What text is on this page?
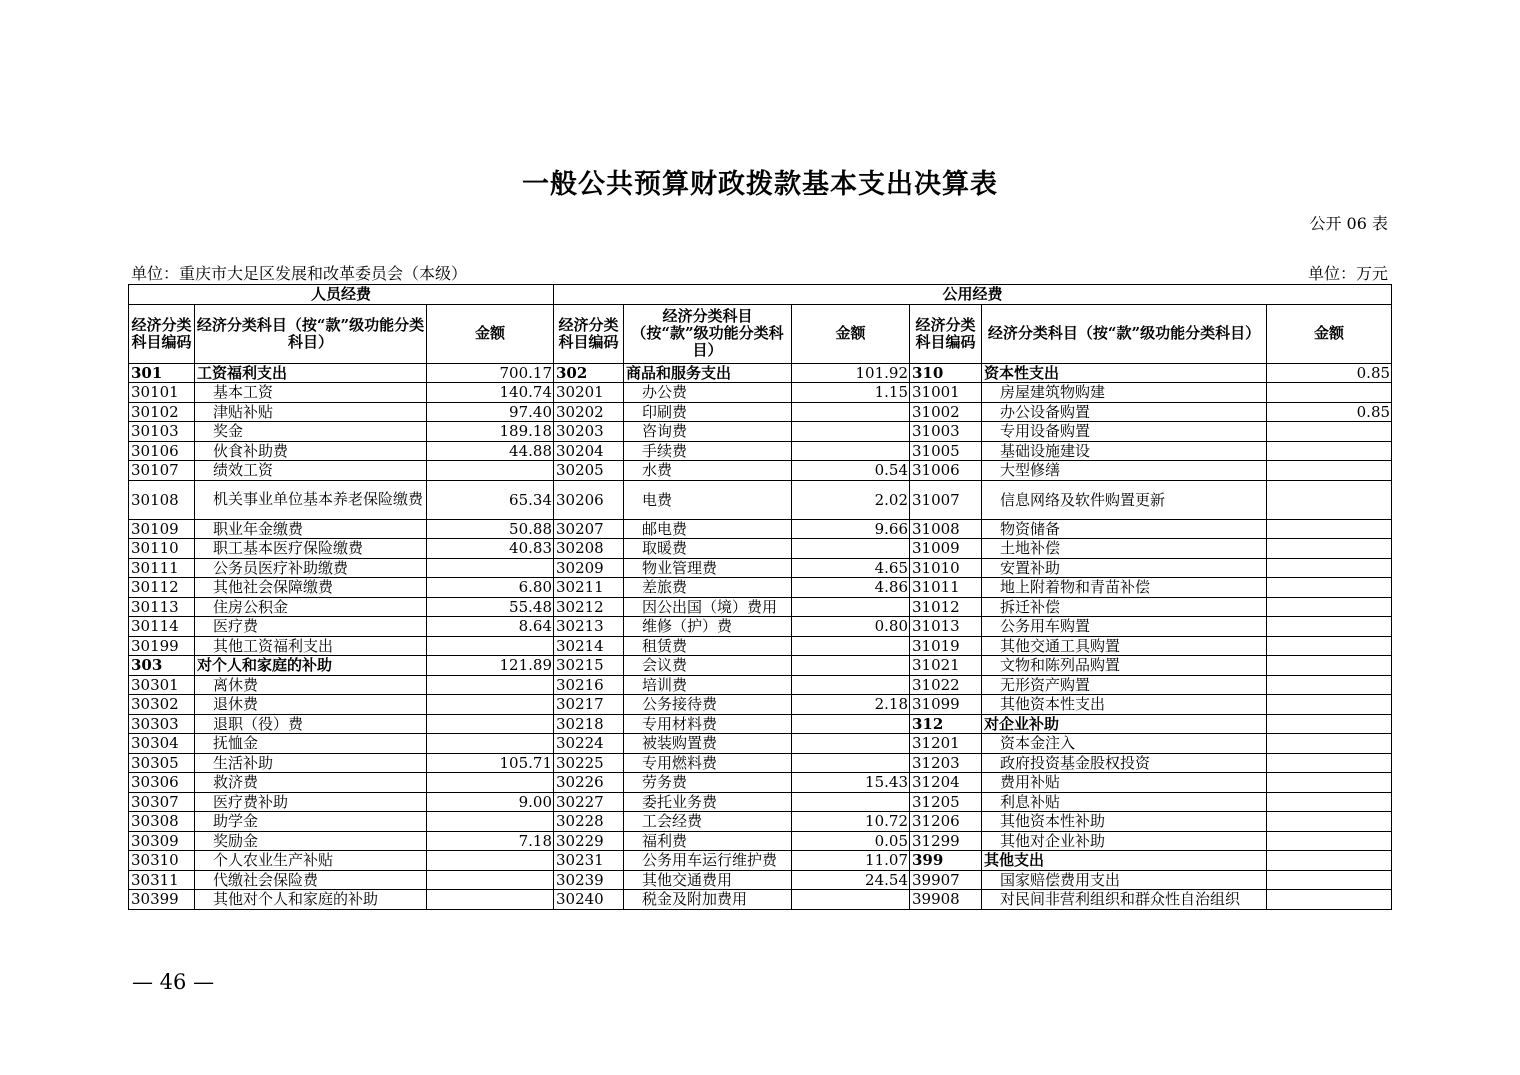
一般公共预算财政拨款基本支出决算表
公开 06 表
单位：重庆市大足区发展和改革委员会（本级）	单位：万元
人员经费			公用经费					
经济分类科目编码	经济分类科目（按“款”级功能分类科目）	金额	经济分类科目编码	经济分类科目（按“款”级功能分类科目）	金额	经济分类科目编码	经济分类科目（按“款”级功能分类科目）	金额
301	工资福利支出	700.17	302	商品和服务支出	101.92	310	资本性支出	0.85
30101	基本工资	140.74	30201	办公费	1.15	31001	房屋建筑物购建	
30102	津贴补贴	97.40	30202	印刷费		31002	办公设备购置	0.85
30103	奖金	189.18	30203	咨询费		31003	专用设备购置	
30106	伙食补助费	44.88	30204	手续费		31005	基础设施建设	
30107	绩效工资		30205	水费	0.54	31006	大型修缮	
30108	机关事业单位基本养老保险缴费	65.34	30206	电费	2.02	31007	信息网络及软件购置更新	
30109	职业年金缴费	50.88	30207	邮电费	9.66	31008	物资储备	
30110	职工基本医疗保险缴费	40.83	30208	取暖费		31009	土地补偿	
30111	公务员医疗补助缴费		30209	物业管理费	4.65	31010	安置补助	
30112	其他社会保障缴费	6.80	30211	差旅费	4.86	31011	地上附着物和青苗补偿	
30113	住房公积金	55.48	30212	因公出国（境）费用		31012	拆迁补偿	
30114	医疗费	8.64	30213	维修（护）费	0.80	31013	公务用车购置	
30199	其他工资福利支出		30214	租赁费		31019	其他交通工具购置	
303	对个人和家庭的补助	121.89	30215	会议费		31021	文物和陈列品购置	
30301	离休费		30216	培训费		31022	无形资产购置	
30302	退休费		30217	公务接待费	2.18	31099	其他资本性支出	
30303	退职（役）费		30218	专用材料费		312	对企业补助	
30304	抚恤金		30224	被装购置费		31201	资本金注入	
30305	生活补助	105.71	30225	专用燃料费		31203	政府投资基金股权投资	
30306	救济费		30226	劳务费	15.43	31204	费用补贴	
30307	医疗费补助	9.00	30227	委托业务费		31205	利息补贴	
30308	助学金		30228	工会经费	10.72	31206	其他资本性补助	
30309	奖励金	7.18	30229	福利费	0.05	31299	其他对企业补助	
30310	个人农业生产补贴		30231	公务用车运行维护费	11.07	399	其他支出	
30311	代缴社会保险费		30239	其他交通费用	24.54	39907	国家赔偿费用支出	
30399	其他对个人和家庭的补助		30240	税金及附加费用		39908	对民间非营利组织和群众性自治组织	
— 46 —
